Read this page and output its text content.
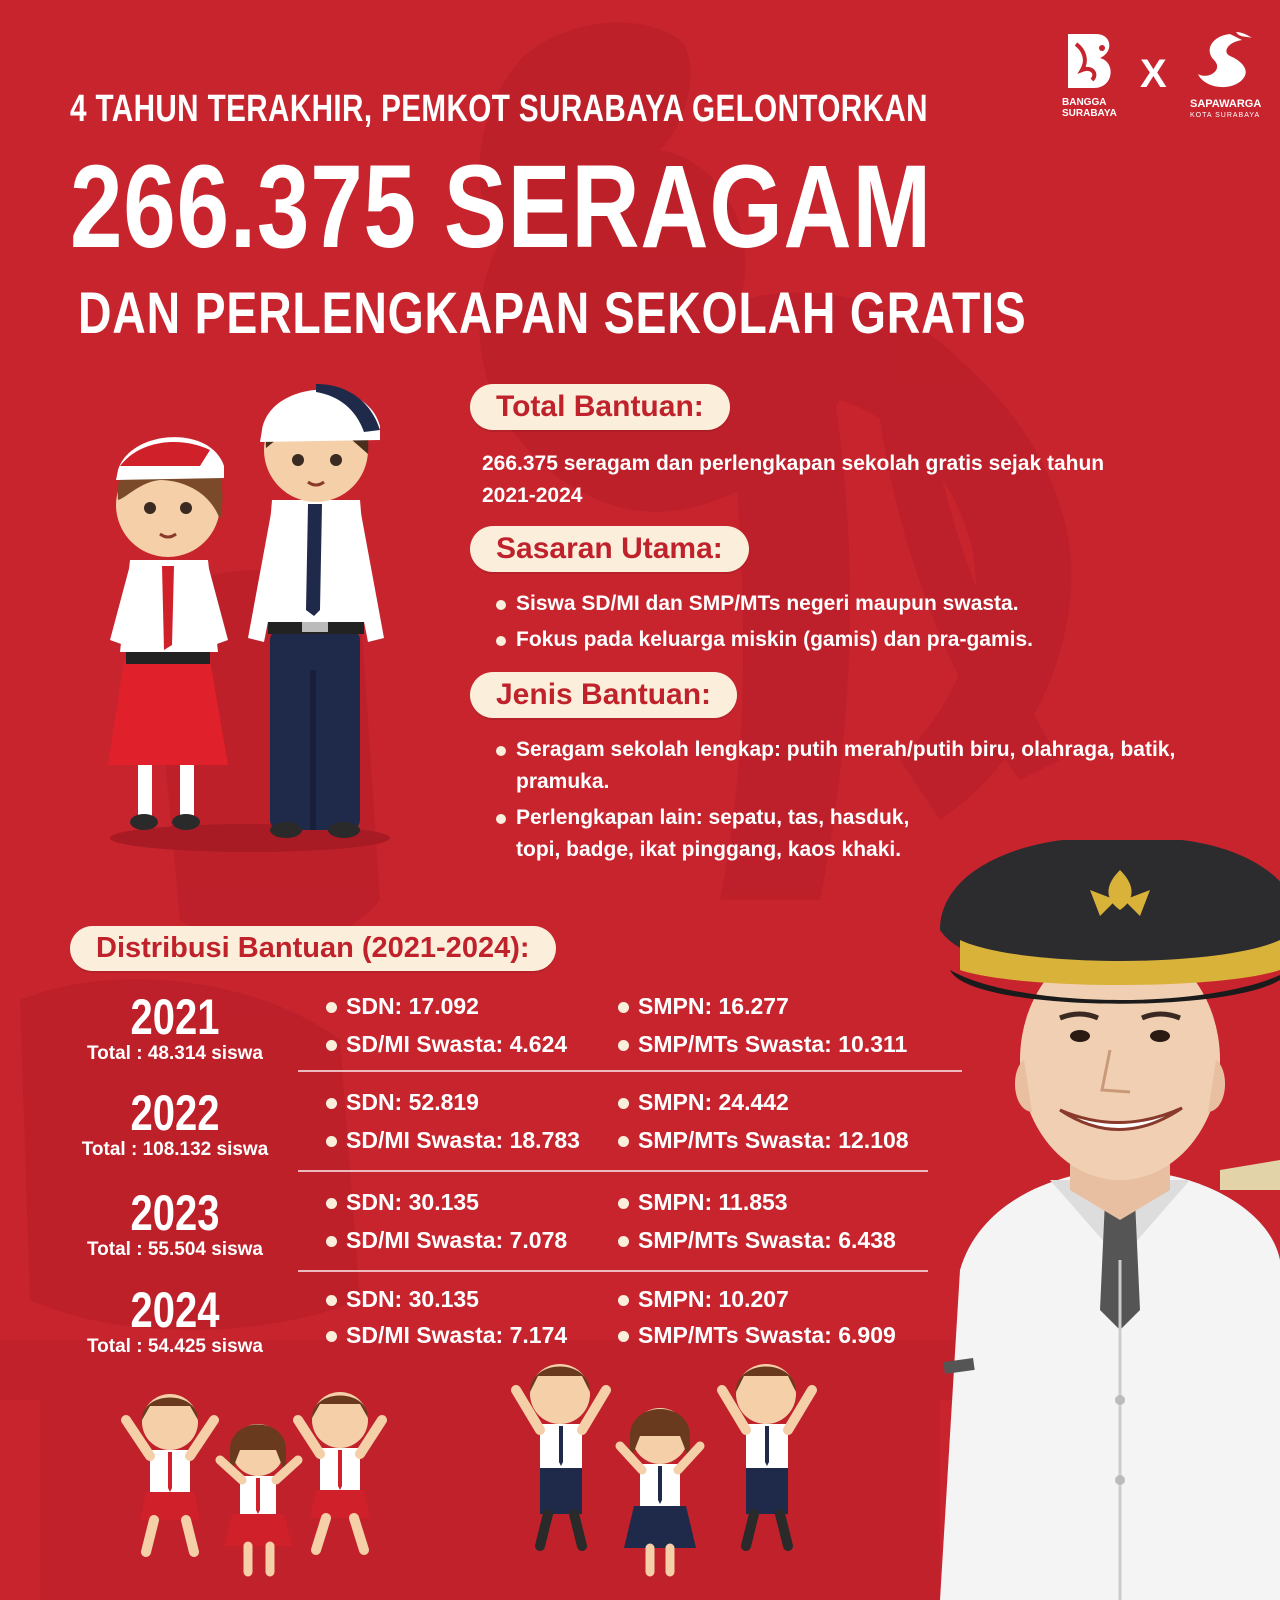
BANGGA
SURABAYA
X
SAPAWARGA
KOTA SURABAYA
4 TAHUN TERAKHIR, PEMKOT SURABAYA GELONTORKAN
266.375 SERAGAM
DAN PERLENGKAPAN SEKOLAH GRATIS
Total Bantuan:
266.375 seragam dan perlengkapan sekolah gratis sejak tahun 2021-2024
Sasaran Utama:
Siswa SD/MI dan SMP/MTs negeri maupun swasta.
Fokus pada keluarga miskin (gamis) dan pra-gamis.
Jenis Bantuan:
Seragam sekolah lengkap: putih merah/putih biru, olahraga, batik, pramuka.
Perlengkapan lain: sepatu, tas, hasduk, topi, badge, ikat pinggang, kaos khaki.
Distribusi Bantuan (2021-2024):
2021
Total : 48.314 siswa
SDN: 17.092	SMPN: 16.277
SD/MI Swasta: 4.624	SMP/MTs Swasta: 10.311
2022
Total : 108.132 siswa
SDN: 52.819	SMPN: 24.442
SD/MI Swasta: 18.783	SMP/MTs Swasta: 12.108
2023
Total : 55.504 siswa
SDN: 30.135	SMPN: 11.853
SD/MI Swasta: 7.078	SMP/MTs Swasta: 6.438
2024
Total : 54.425 siswa
SDN: 30.135	SMPN: 10.207
SD/MI Swasta: 7.174	SMP/MTs Swasta: 6.909
